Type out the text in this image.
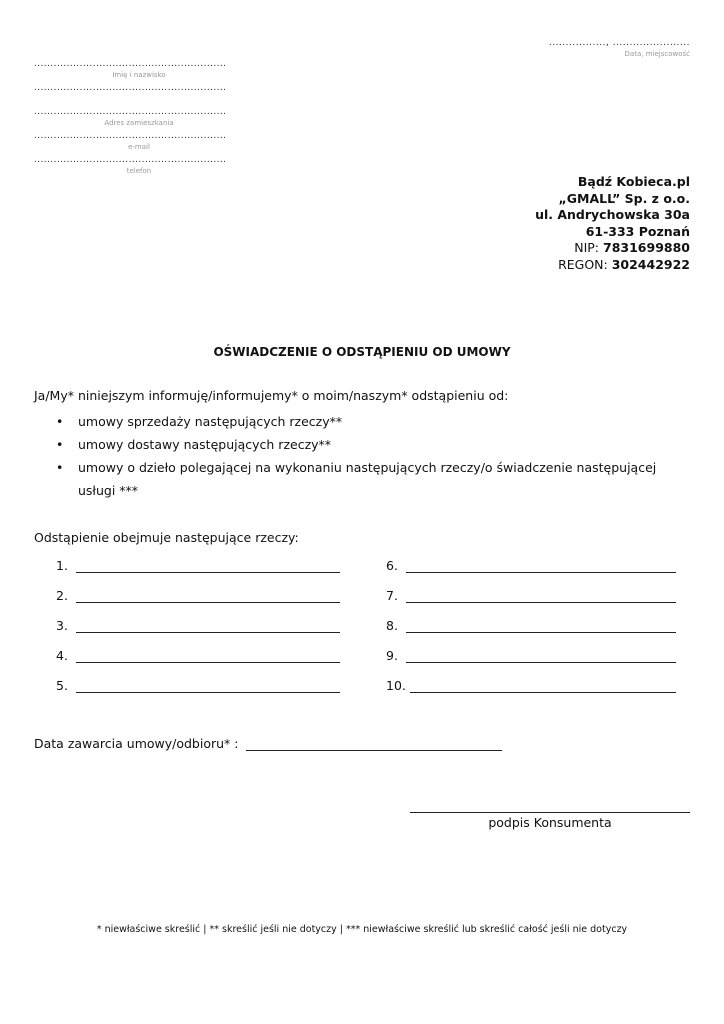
................., .......................
Data, miejscowość
...........................................................
Imię i nazwisko
...........................................................
...........................................................
Adres zamieszkania
...........................................................
e-mail
...........................................................
telefon
Bądź Kobieca.pl
„GMALL” Sp. z o.o.
ul. Andrychowska 30a
61-333 Poznań
NIP: 7831699880
REGON: 302442922
OŚWIADCZENIE O ODSTĄPIENIU OD UMOWY
Ja/My* niniejszym informuję/informujemy* o moim/naszym* odstąpieniu od:
• umowy sprzedaży następujących rzeczy**
• umowy dostawy następujących rzeczy**
• umowy o dzieło polegającej na wykonaniu następujących rzeczy/o świadczenie następującej usługi ***
Odstąpienie obejmuje następujące rzeczy:
1.
2.
3.
4.
5.
6.
7.
8.
9.
10.
Data zawarcia umowy/odbioru* :
podpis Konsumenta
* niewłaściwe skreślić | ** skreślić jeśli nie dotyczy | *** niewłaściwe skreślić lub skreślić całość jeśli nie dotyczy
